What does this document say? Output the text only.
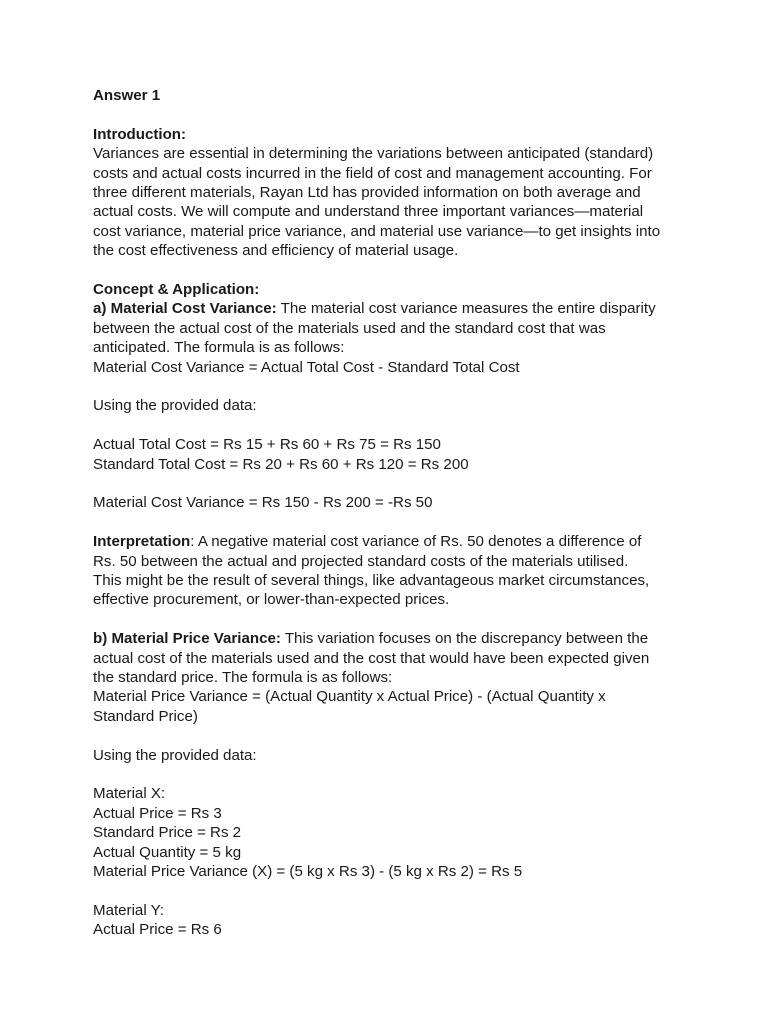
Answer 1
Introduction:
Variances are essential in determining the variations between anticipated (standard)
costs and actual costs incurred in the field of cost and management accounting. For
three different materials, Rayan Ltd has provided information on both average and
actual costs. We will compute and understand three important variances—material
cost variance, material price variance, and material use variance—to get insights into
the cost effectiveness and efficiency of material usage.
Concept & Application:
a) Material Cost Variance: The material cost variance measures the entire disparity
between the actual cost of the materials used and the standard cost that was
anticipated. The formula is as follows:
Material Cost Variance = Actual Total Cost - Standard Total Cost
Using the provided data:
Actual Total Cost = Rs 15 + Rs 60 + Rs 75 = Rs 150
Standard Total Cost = Rs 20 + Rs 60 + Rs 120 = Rs 200
Material Cost Variance = Rs 150 - Rs 200 = -Rs 50
Interpretation: A negative material cost variance of Rs. 50 denotes a difference of
Rs. 50 between the actual and projected standard costs of the materials utilised.
This might be the result of several things, like advantageous market circumstances,
effective procurement, or lower-than-expected prices.
b) Material Price Variance: This variation focuses on the discrepancy between the
actual cost of the materials used and the cost that would have been expected given
the standard price. The formula is as follows:
Material Price Variance = (Actual Quantity x Actual Price) - (Actual Quantity x
Standard Price)
Using the provided data:
Material X:
Actual Price = Rs 3
Standard Price = Rs 2
Actual Quantity = 5 kg
Material Price Variance (X) = (5 kg x Rs 3) - (5 kg x Rs 2) = Rs 5
Material Y:
Actual Price = Rs 6
